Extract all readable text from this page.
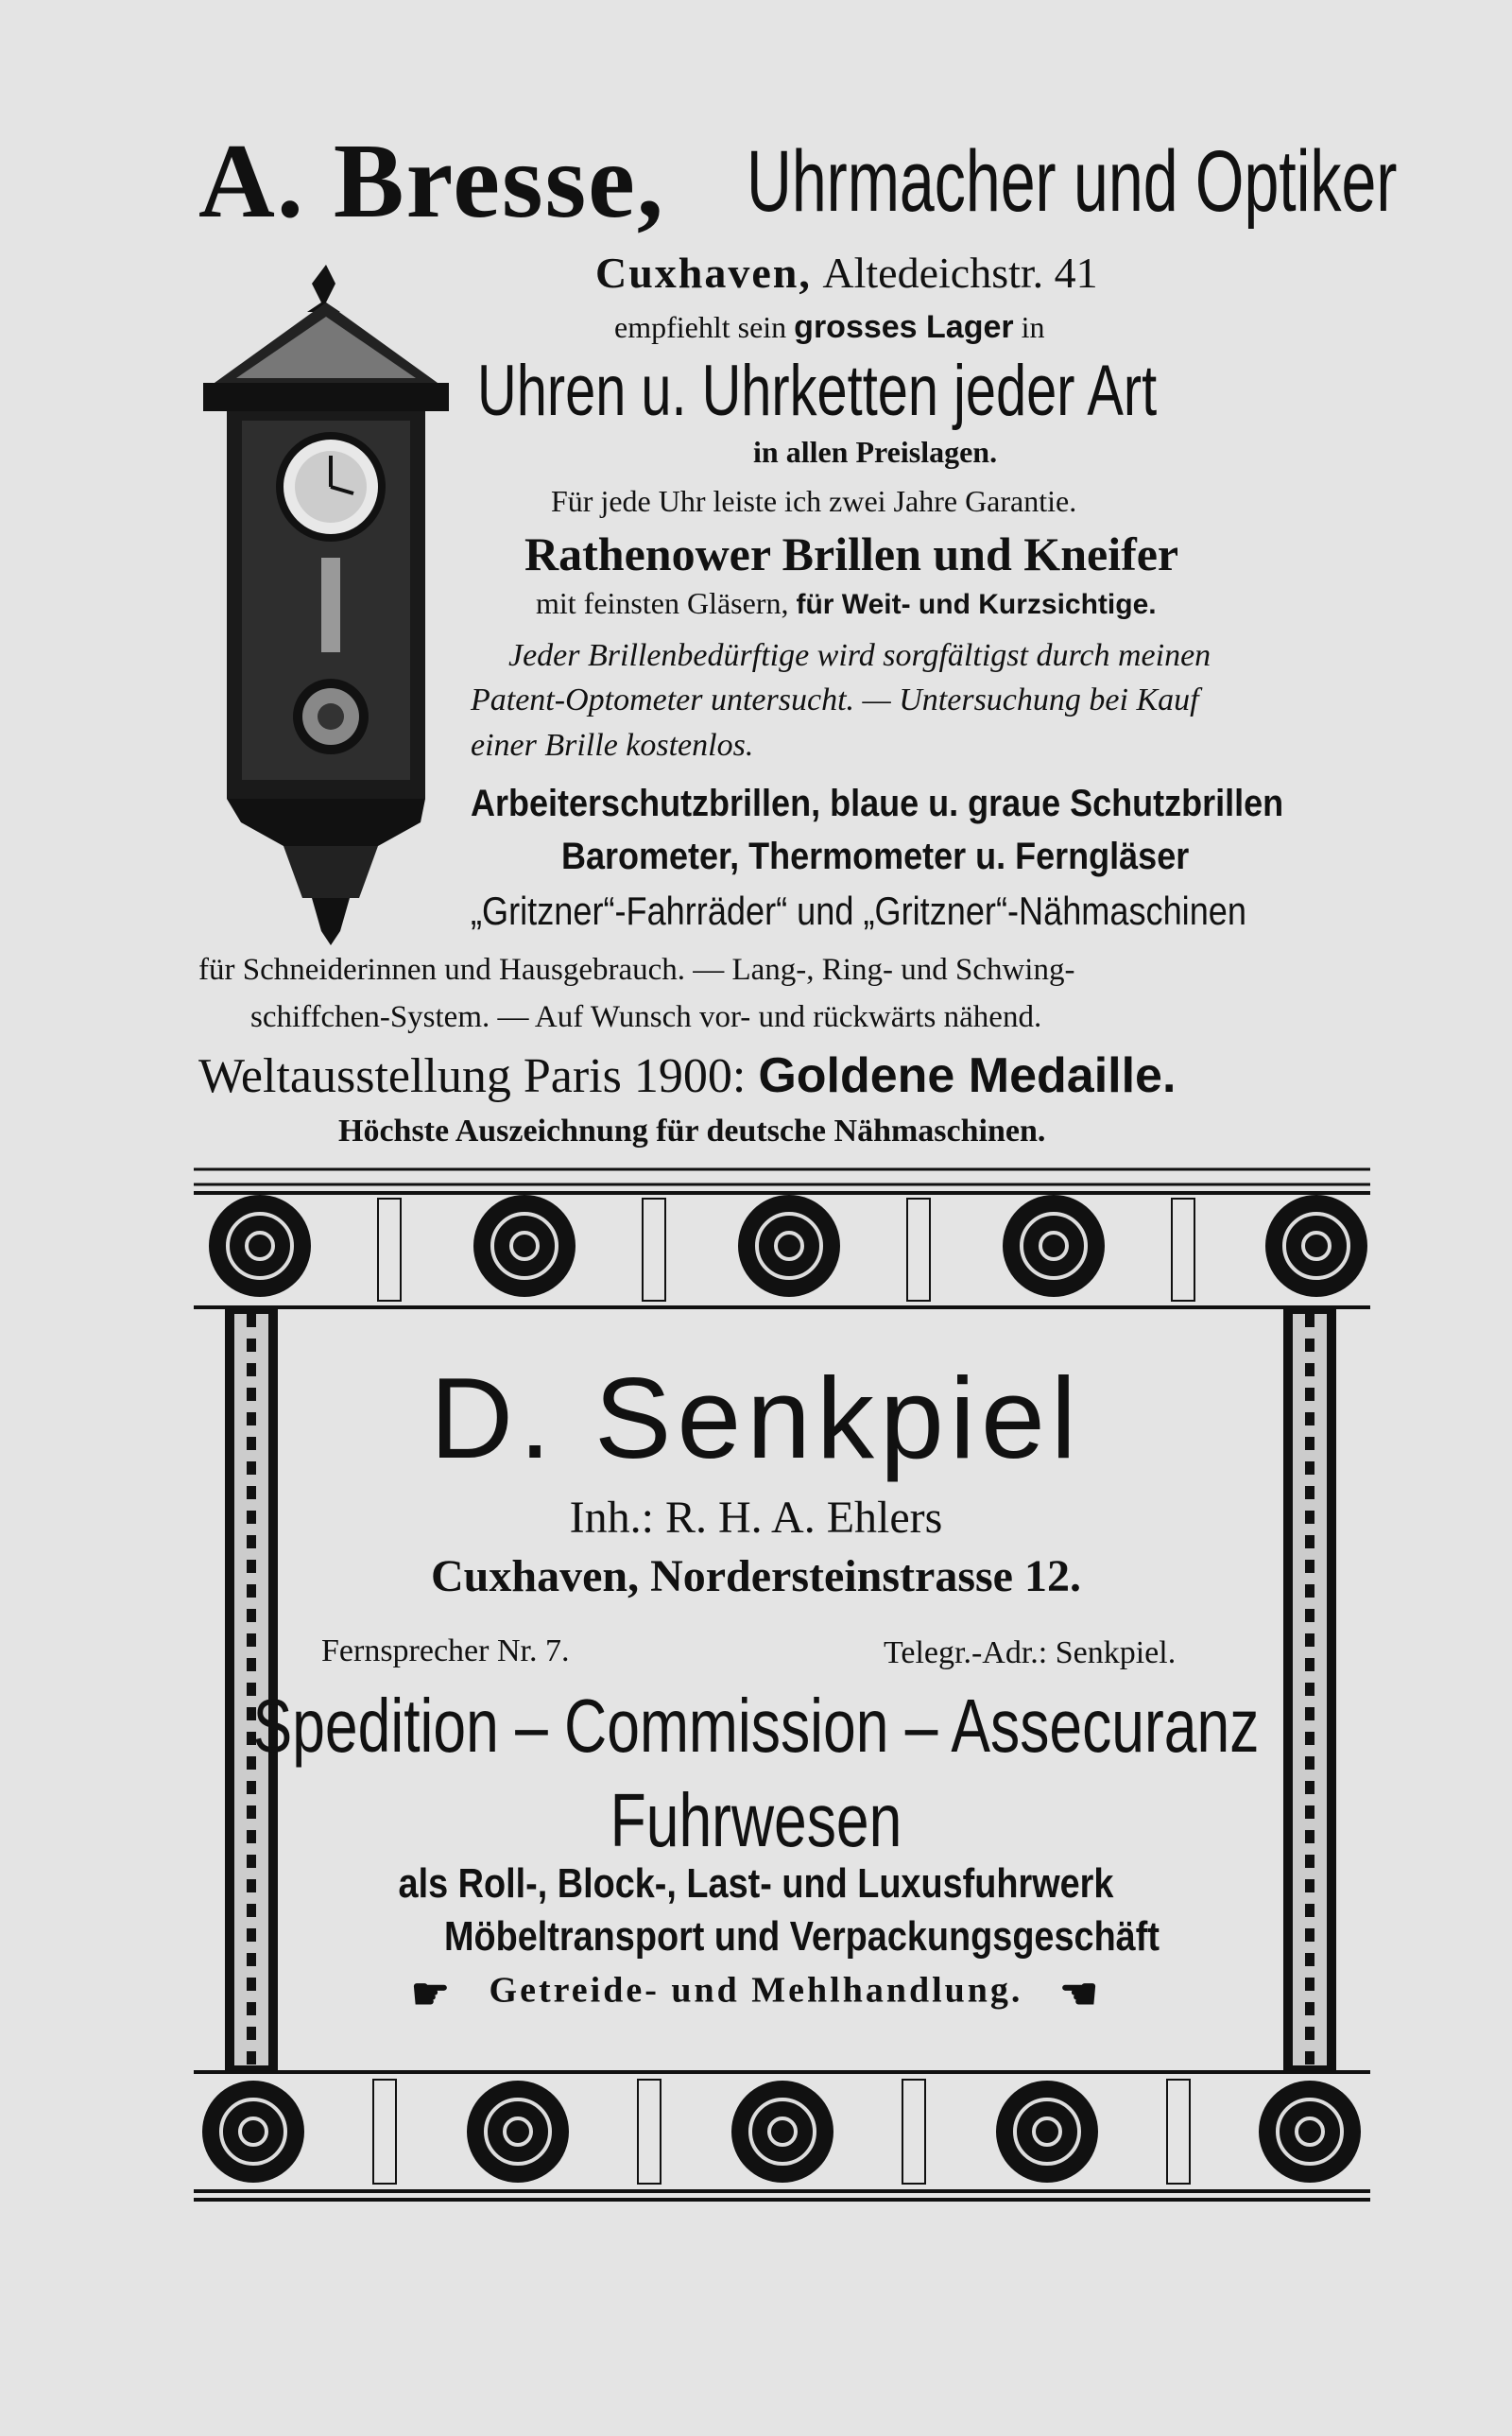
A. Bresse, Uhrmacher und Optiker
Cuxhaven, Altedeichstr. 41
empfiehlt sein grosses Lager in
Uhren u. Uhrketten jeder Art
in allen Preislagen.
Für jede Uhr leiste ich zwei Jahre Garantie.
Rathenower Brillen und Kneifer
mit feinsten Gläsern, für Weit- und Kurzsichtige.
Jeder Brillenbedürftige wird sorgfältigst durch meinen
Patent-Optometer untersucht. — Untersuchung bei Kauf
einer Brille kostenlos.
Arbeiterschutzbrillen, blaue u. graue Schutzbrillen
Barometer, Thermometer u. Ferngläser
„Gritzner“-Fahrräder“ und „Gritzner“-Nähmaschinen
für Schneiderinnen und Hausgebrauch. — Lang-, Ring- und Schwing-
schiffchen-System. — Auf Wunsch vor- und rückwärts nähend.
Weltausstellung Paris 1900: Goldene Medaille.
Höchste Auszeichnung für deutsche Nähmaschinen.
D. Senkpiel
Inh.: R. H. A. Ehlers
Cuxhaven, Nordersteinstrasse 12.
Fernsprecher Nr. 7.	Telegr.-Adr.: Senkpiel.
Spedition – Commission – Assecuranz
Fuhrwesen
als Roll-, Block-, Last- und Luxusfuhrwerk
Möbeltransport und Verpackungsgeschäft
☛ Getreide- und Mehlhandlung. ☚
